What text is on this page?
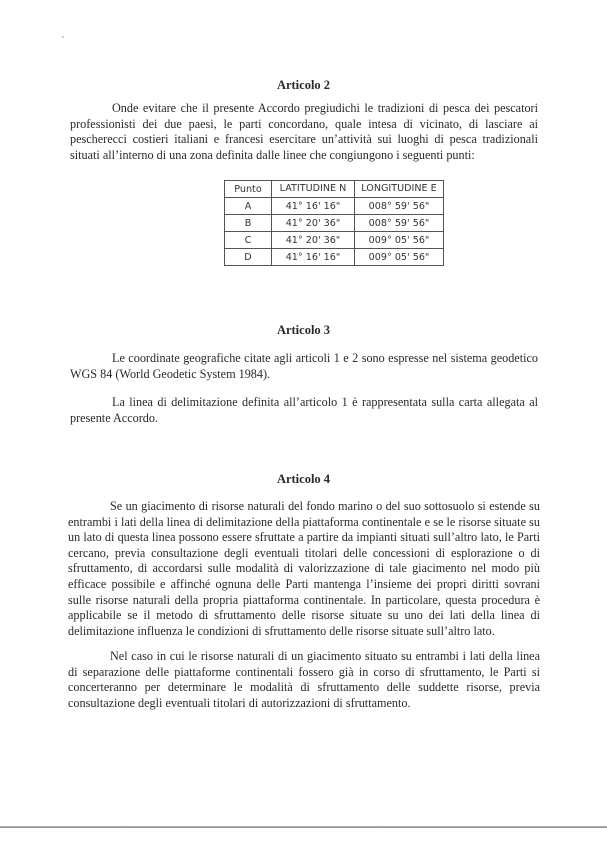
Articolo 2

Onde evitare che il presente Accordo pregiudichi le tradizioni di pesca dei pescatori professionisti dei due paesi, le parti concordano, quale intesa di vicinato, di lasciare ai pescherecci costieri italiani e francesi esercitare un’attività sui luoghi di pesca tradizionali situati all’interno di una zona definita dalle linee che congiungono i seguenti punti:

Punto	LATITUDINE N	LONGITUDINE E
A	41° 16' 16"	008° 59' 56"
B	41° 20' 36"	008° 59' 56"
C	41° 20' 36"	009° 05' 56"
D	41° 16' 16"	009° 05' 56"
Articolo 3

Le coordinate geografiche citate agli articoli 1 e 2 sono espresse nel sistema geodetico WGS 84 (World Geodetic System 1984).

La linea di delimitazione definita all’articolo 1 è rappresentata sulla carta allegata al presente Accordo.

Articolo 4

Se un giacimento di risorse naturali del fondo marino o del suo sottosuolo si estende su entrambi i lati della linea di delimitazione della piattaforma continentale e se le risorse situate su un lato di questa linea possono essere sfruttate a partire da impianti situati sull’altro lato, le Parti cercano, previa consultazione degli eventuali titolari delle concessioni di esplorazione o di sfruttamento, di accordarsi sulle modalità di valorizzazione di tale giacimento nel modo più efficace possibile e affinché ognuna delle Parti mantenga l’insieme dei propri diritti sovrani sulle risorse naturali della propria piattaforma continentale. In particolare, questa procedura è applicabile se il metodo di sfruttamento delle risorse situate su uno dei lati della linea di delimitazione influenza le condizioni di sfruttamento delle risorse situate sull’altro lato.

Nel caso in cui le risorse naturali di un giacimento situato su entrambi i lati della linea di separazione delle piattaforme continentali fossero già in corso di sfruttamento, le Parti si concerteranno per determinare le modalità di sfruttamento delle suddette risorse, previa consultazione degli eventuali titolari di autorizzazioni di sfruttamento.
